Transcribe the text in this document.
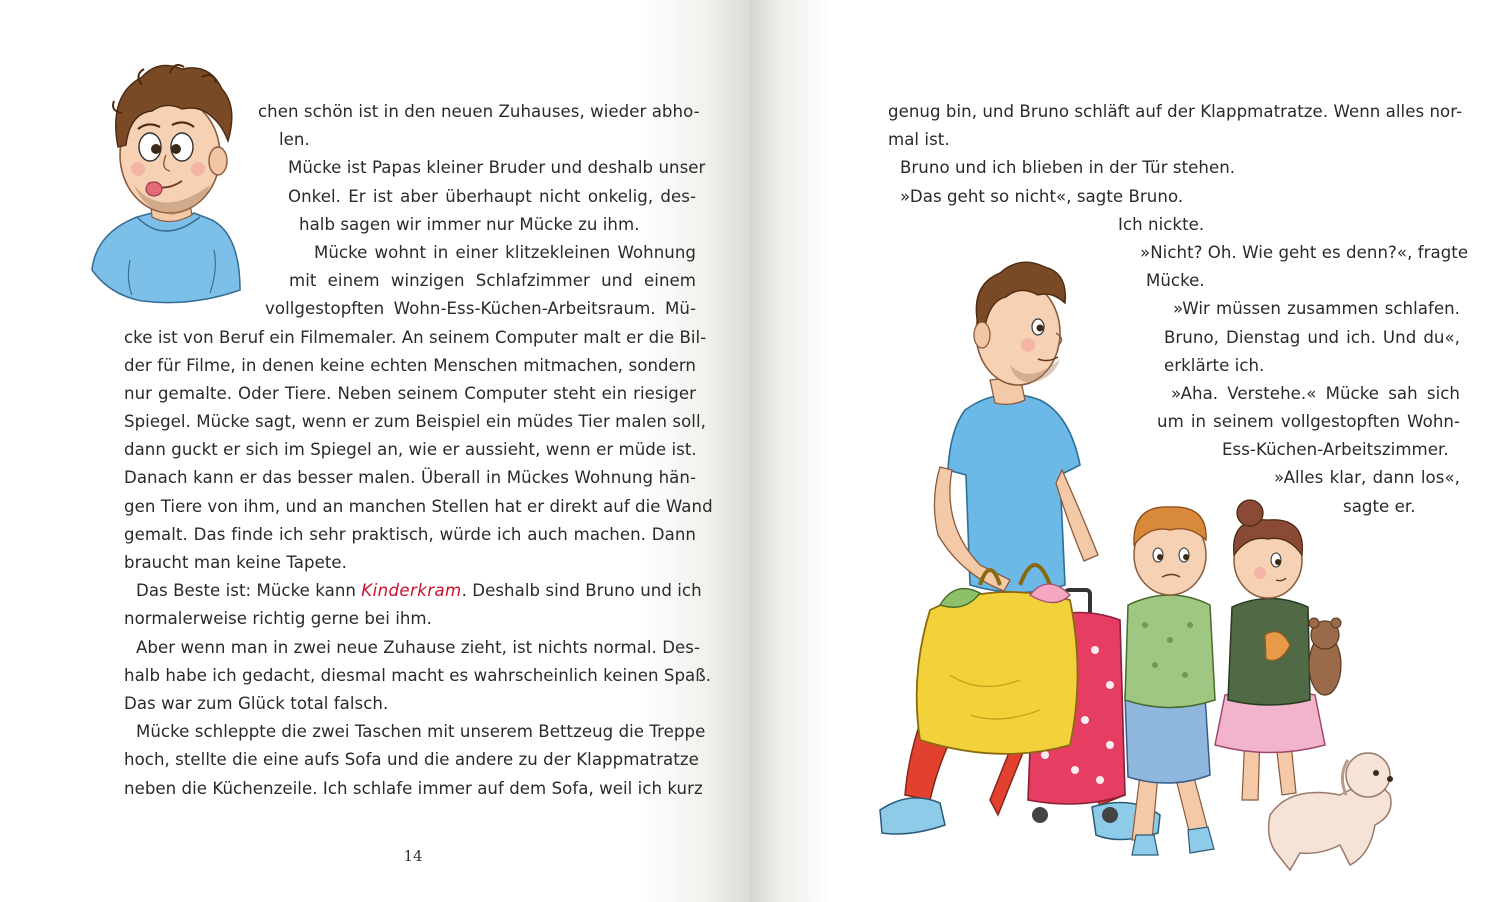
chen schön ist in den neuen Zuhauses, wieder abho-
len.
Mücke ist Papas kleiner Bruder und deshalb unser
Onkel. Er ist aber überhaupt nicht onkelig, des-
halb sagen wir immer nur Mücke zu ihm.
Mücke wohnt in einer klitzekleinen Wohnung
mit einem winzigen Schlafzimmer und einem
vollgestopften Wohn-Ess-Küchen-Arbeitsraum. Mü-
cke ist von Beruf ein Filmemaler. An seinem Computer malt er die Bil-
der für Filme, in denen keine echten Menschen mitmachen, sondern
nur gemalte. Oder Tiere. Neben seinem Computer steht ein riesiger
Spiegel. Mücke sagt, wenn er zum Beispiel ein müdes Tier malen soll,
dann guckt er sich im Spiegel an, wie er aussieht, wenn er müde ist.
Danach kann er das besser malen. Überall in Mückes Wohnung hän-
gen Tiere von ihm, und an manchen Stellen hat er direkt auf die Wand
gemalt. Das finde ich sehr praktisch, würde ich auch machen. Dann
braucht man keine Tapete.
Das Beste ist: Mücke kann Kinderkram. Deshalb sind Bruno und ich
normalerweise richtig gerne bei ihm.
Aber wenn man in zwei neue Zuhause zieht, ist nichts normal. Des-
halb habe ich gedacht, diesmal macht es wahrscheinlich keinen Spaß.
Das war zum Glück total falsch.
Mücke schleppte die zwei Taschen mit unserem Bettzeug die Treppe
hoch, stellte die eine aufs Sofa und die andere zu der Klappmatratze
neben die Küchenzeile. Ich schlafe immer auf dem Sofa, weil ich kurz
14
genug bin, und Bruno schläft auf der Klappmatratze. Wenn alles nor-
mal ist.
Bruno und ich blieben in der Tür stehen.
»Das geht so nicht«, sagte Bruno.
Ich nickte.
»Nicht? Oh. Wie geht es denn?«, fragte
Mücke.
»Wir müssen zusammen schlafen.
Bruno, Dienstag und ich. Und du«,
erklärte ich.
»Aha. Verstehe.« Mücke sah sich
um in seinem vollgestopften Wohn-
Ess-Küchen-Arbeitszimmer.
»Alles klar, dann los«,
sagte er.
